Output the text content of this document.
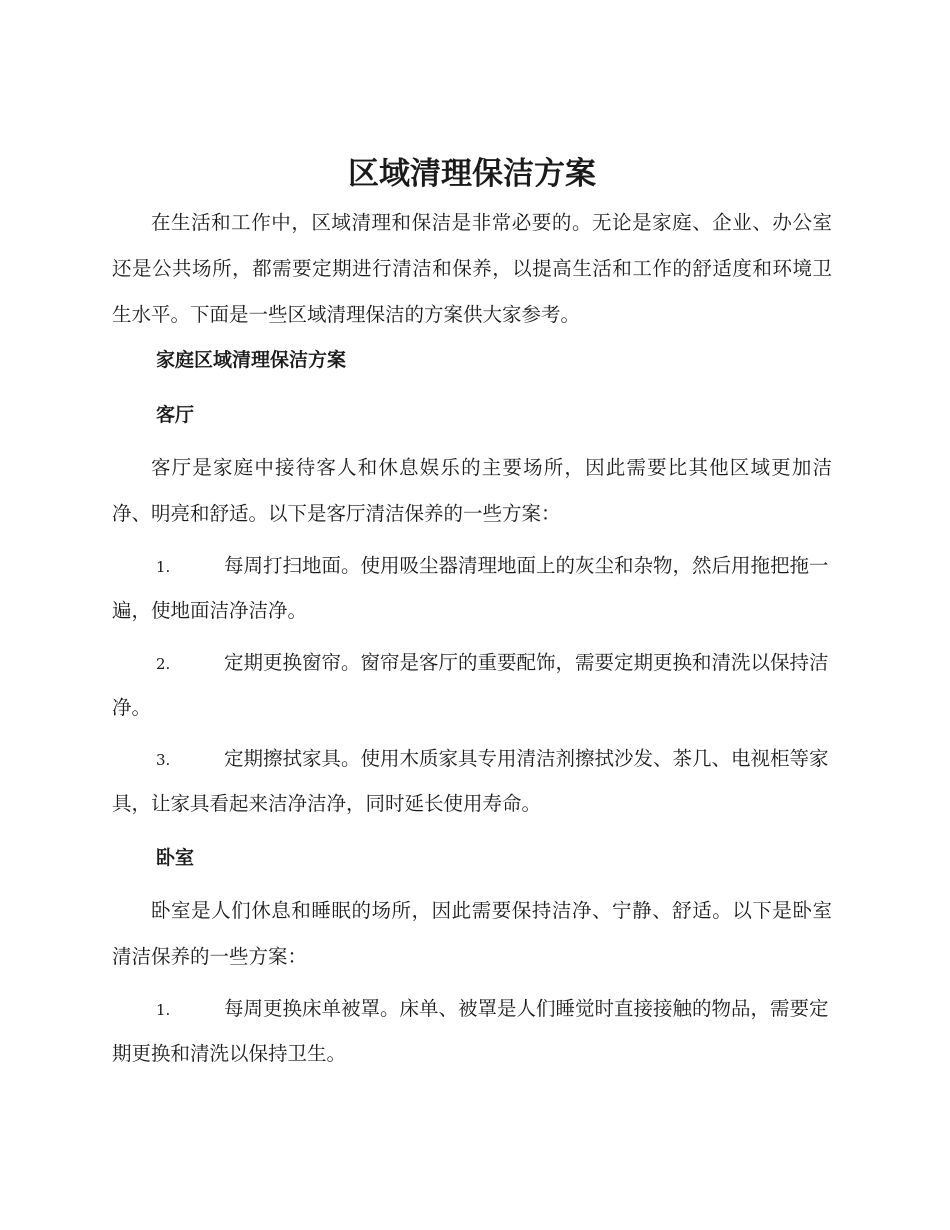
区域清理保洁方案

在生活和工作中，区域清理和保洁是非常必要的。无论是家庭、企业、办公室还是公共场所，都需要定期进行清洁和保养，以提高生活和工作的舒适度和环境卫生水平。下面是一些区域清理保洁的方案供大家参考。

家庭区域清理保洁方案
客厅

客厅是家庭中接待客人和休息娱乐的主要场所，因此需要比其他区域更加洁净、明亮和舒适。以下是客厅清洁保养的一些方案：

1.	每周打扫地面。使用吸尘器清理地面上的灰尘和杂物，然后用拖把拖一遍，使地面洁净洁净。

2.	定期更换窗帘。窗帘是客厅的重要配饰，需要定期更换和清洗以保持洁净。

3.	定期擦拭家具。使用木质家具专用清洁剂擦拭沙发、茶几、电视柜等家具，让家具看起来洁净洁净，同时延长使用寿命。

卧室

卧室是人们休息和睡眠的场所，因此需要保持洁净、宁静、舒适。以下是卧室清洁保养的一些方案：

1.	每周更换床单被罩。床单、被罩是人们睡觉时直接接触的物品，需要定期更换和清洗以保持卫生。
